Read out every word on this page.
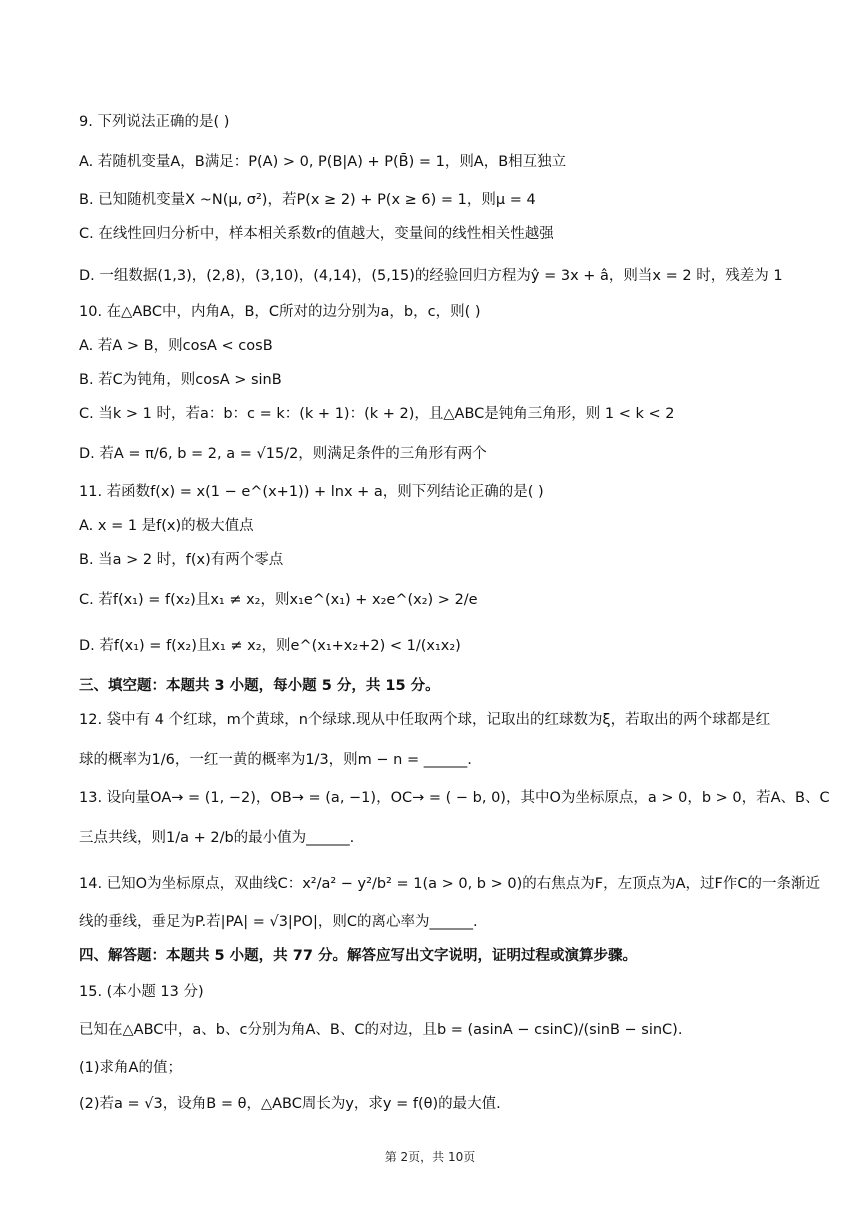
9. 下列说法正确的是( )
A. 若随机变量A，B满足：P(A) > 0, P(B|A) + P(B̄) = 1，则A，B相互独立
B. 已知随机变量X ~N(μ, σ²)，若P(x ≥ 2) + P(x ≥ 6) = 1，则μ = 4
C. 在线性回归分析中，样本相关系数r的值越大，变量间的线性相关性越强
D. 一组数据(1,3)，(2,8)，(3,10)，(4,14)，(5,15)的经验回归方程为ŷ = 3x + â，则当x = 2 时，残差为 1
10. 在△ABC中，内角A，B，C所对的边分别为a，b，c，则( )
A. 若A > B，则cosA < cosB
B. 若C为钝角，则cosA > sinB
C. 当k > 1 时，若a：b：c = k：(k + 1)：(k + 2)，且△ABC是钝角三角形，则 1 < k < 2
D. 若A = π/6, b = 2, a = √15/2，则满足条件的三角形有两个
11. 若函数f(x) = x(1 − e^(x+1)) + lnx + a，则下列结论正确的是( )
A. x = 1 是f(x)的极大值点
B. 当a > 2 时，f(x)有两个零点
C. 若f(x₁) = f(x₂)且x₁ ≠ x₂，则x₁e^(x₁) + x₂e^(x₂) > 2/e
D. 若f(x₁) = f(x₂)且x₁ ≠ x₂，则e^(x₁+x₂+2) < 1/(x₁x₂)
三、填空题：本题共 3 小题，每小题 5 分，共 15 分。
12. 袋中有 4 个红球，m个黄球，n个绿球.现从中任取两个球，记取出的红球数为ξ，若取出的两个球都是红
球的概率为1/6，一红一黄的概率为1/3，则m − n = ______.
13. 设向量OA→ = (1, −2)，OB→ = (a, −1)，OC→ = ( − b, 0)，其中O为坐标原点，a > 0，b > 0，若A、B、C
三点共线，则1/a + 2/b的最小值为______.
14. 已知O为坐标原点，双曲线C：x²/a² − y²/b² = 1(a > 0, b > 0)的右焦点为F，左顶点为A，过F作C的一条渐近
线的垂线，垂足为P.若|PA| = √3|PO|，则C的离心率为______.
四、解答题：本题共 5 小题，共 77 分。解答应写出文字说明，证明过程或演算步骤。
15. (本小题 13 分)
已知在△ABC中，a、b、c分别为角A、B、C的对边，且b = (asinA − csinC)/(sinB − sinC).
(1)求角A的值；
(2)若a = √3，设角B = θ，△ABC周长为y，求y = f(θ)的最大值.
第 2页，共 10页
